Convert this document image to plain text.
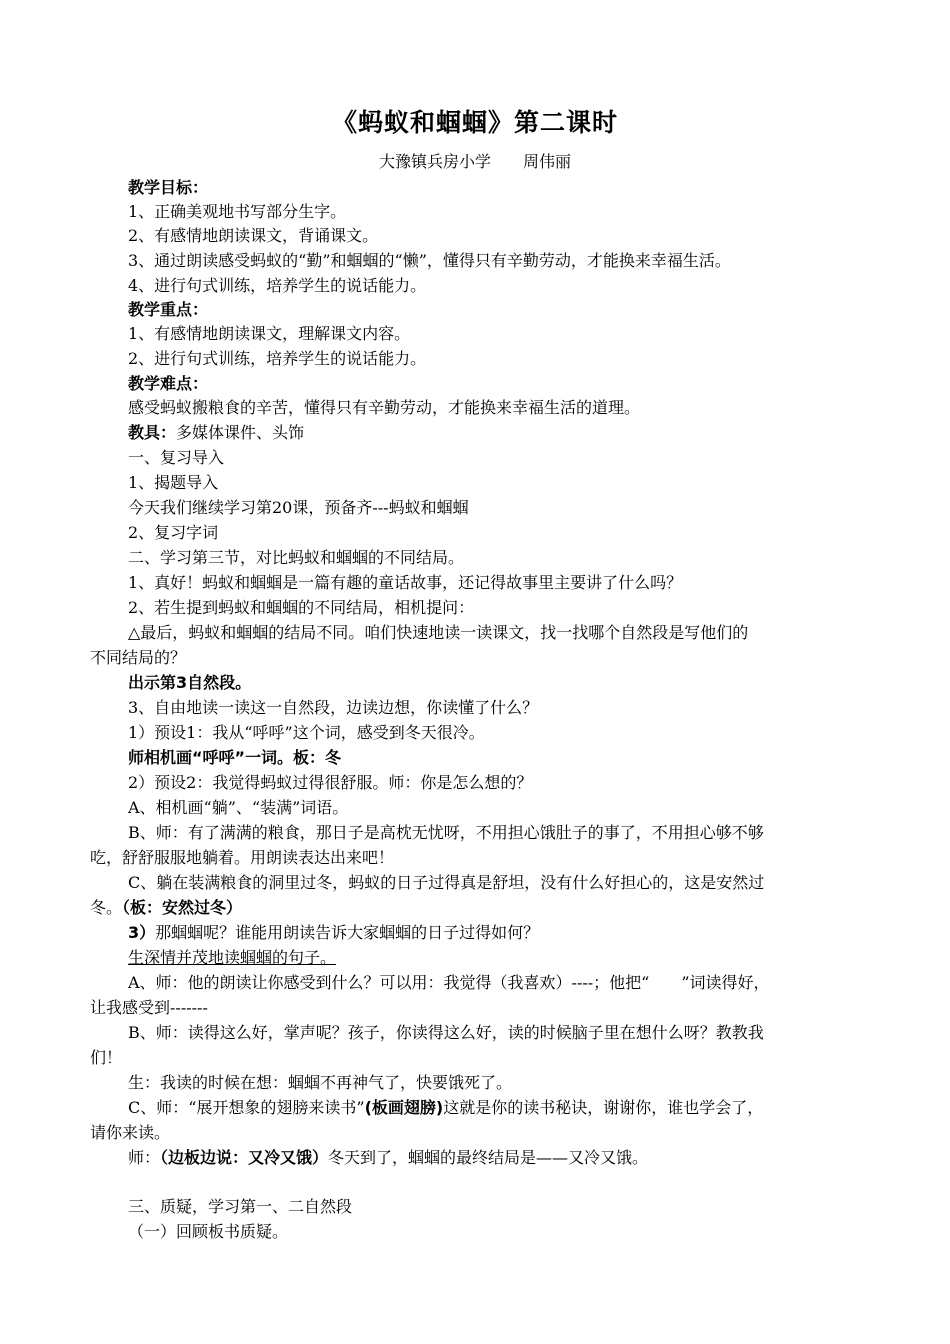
《蚂蚁和蝈蝈》第二课时
大豫镇兵房小学　　周伟丽
教学目标：
1、正确美观地书写部分生字。
2、有感情地朗读课文，背诵课文。
3、通过朗读感受蚂蚁的“勤”和蝈蝈的“懒”，懂得只有辛勤劳动，才能换来幸福生活。
4、进行句式训练，培养学生的说话能力。
教学重点：
1、有感情地朗读课文，理解课文内容。
2、进行句式训练，培养学生的说话能力。
教学难点：
感受蚂蚁搬粮食的辛苦，懂得只有辛勤劳动，才能换来幸福生活的道理。
教具：多媒体课件、头饰
一、复习导入
1、揭题导入
今天我们继续学习第20课，预备齐---蚂蚁和蝈蝈
2、复习字词
二、学习第三节，对比蚂蚁和蝈蝈的不同结局。
1、真好！蚂蚁和蝈蝈是一篇有趣的童话故事，还记得故事里主要讲了什么吗？
2、若生提到蚂蚁和蝈蝈的不同结局，相机提问：
△最后，蚂蚁和蝈蝈的结局不同。咱们快速地读一读课文，找一找哪个自然段是写他们的
不同结局的？
出示第3自然段。
3、自由地读一读这一自然段，边读边想，你读懂了什么？
1）预设1：我从“呼呼”这个词，感受到冬天很冷。
师相机画“呼呼”一词。板：冬
2）预设2：我觉得蚂蚁过得很舒服。师：你是怎么想的？
A、相机画“躺”、“装满”词语。
B、师：有了满满的粮食，那日子是高枕无忧呀，不用担心饿肚子的事了，不用担心够不够
吃，舒舒服服地躺着。用朗读表达出来吧！
C、躺在装满粮食的洞里过冬，蚂蚁的日子过得真是舒坦，没有什么好担心的，这是安然过
冬。（板：安然过冬）
3）那蝈蝈呢？谁能用朗读告诉大家蝈蝈的日子过得如何？
生深情并茂地读蝈蝈的句子。
A、师：他的朗读让你感受到什么？可以用：我觉得（我喜欢）----；他把“　　”词读得好，
让我感受到-------
B、师：读得这么好，掌声呢？孩子，你读得这么好，读的时候脑子里在想什么呀？教教我
们！
生：我读的时候在想：蝈蝈不再神气了，快要饿死了。
C、师：“展开想象的翅膀来读书”(板画翅膀)这就是你的读书秘诀，谢谢你，谁也学会了，
请你来读。
师：（边板边说：又冷又饿）冬天到了，蝈蝈的最终结局是——又冷又饿。
三、质疑，学习第一、二自然段
（一）回顾板书质疑。
